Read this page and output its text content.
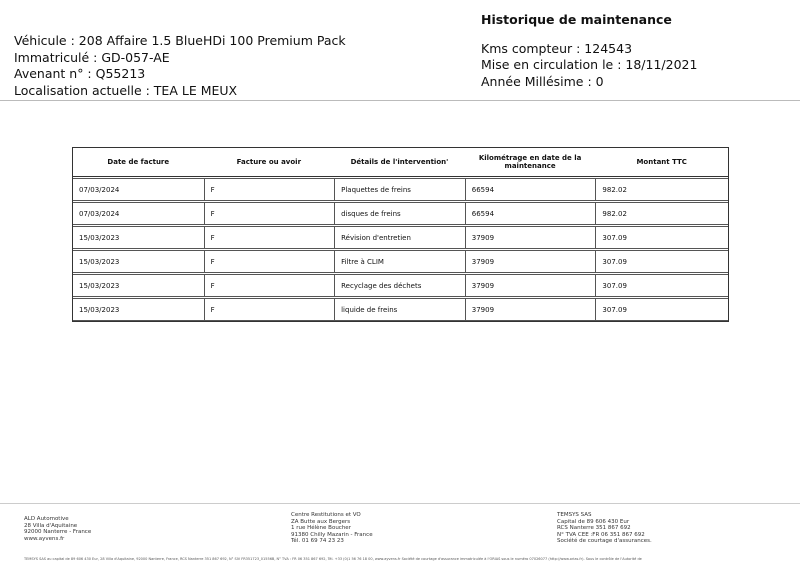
Véhicule : 208 Affaire 1.5 BlueHDi 100 Premium Pack
Immatriculé : GD-057-AE
Avenant n° : Q55213
Localisation actuelle : TEA LE MEUX
Historique de maintenance
Kms compteur : 124543
Mise en circulation le : 18/11/2021
Année Millésime : 0
Date de facture	Facture ou avoir	Détails de l'intervention'	Kilométrage en date de la maintenance	Montant TTC

07/03/2024	F	Plaquettes de freins	66594	982.02

07/03/2024	F	disques de freins	66594	982.02

15/03/2023	F	Révision d'entretien	37909	307.09

15/03/2023	F	Filtre à CLIM	37909	307.09

15/03/2023	F	Recyclage des déchets	37909	307.09

15/03/2023	F	liquide de freins	37909	307.09
ALD Automotive
28 Villa d'Aquitaine
92000 Nanterre - France
www.ayvens.fr
Centre Restitutions et VO
ZA Butte aux Bergers
1 rue Hélène Boucher
91380 Chilly Mazarin - France
Tél. 01 69 74 23 23
TEMSYS SAS
Capital de 89 606 430 Eur
RCS Nanterre 351 867 692
N° TVA CEE :FR 06 351 867 692
Société de courtage d'assurances.
TEMSYS SAS au capital de 89 606 430 Eur, 28 Villa d'Aquitaine, 92000 Nanterre, France, RCS Nanterre 351 867 692, N° SIV FR351723_01556B, N° TVA : FR 06 351 867 692, Tél. +33 (0)1 56 76 18 00, www.ayvens.fr Société de courtage d'assurance immatriculée à l'ORIAS sous le numéro 07026077 (http://www.orias.fr). Sous le contrôle de l'Autorité de
